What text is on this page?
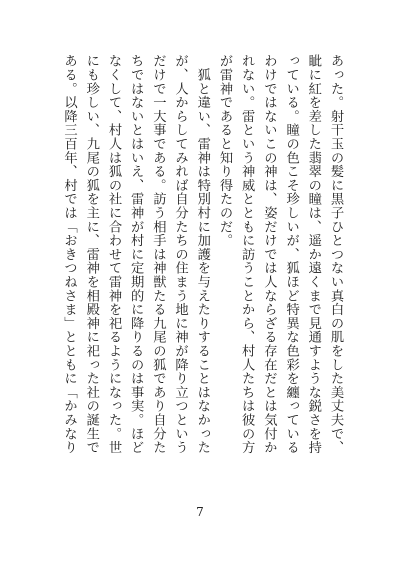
あった。射干玉の髪に黒子ひとつない真白の肌をした美丈夫で、
眦に紅を差した翡翠の瞳は、遥か遠くまで見通すような鋭さを持
っている。瞳の色こそ珍しいが、狐ほど特異な色彩を纏っている
わけではないこの神は、姿だけでは人ならざる存在だとは気付か
れない。雷という神威とともに訪うことから、村人たちは彼の方
が雷神であると知り得たのだ。
　狐と違い、雷神は特別村に加護を与えたりすることはなかった
が、人からしてみれば自分たちの住まう地に神が降り立つという
だけで一大事である。訪う相手は神獣たる九尾の狐であり自分た
ちではないとはいえ、雷神が村に定期的に降りるのは事実。ほど
なくして、村人は狐の社に合わせて雷神を祀るようになった。世
にも珍しい、九尾の狐を主に、雷神を相殿神に祀った社の誕生で
ある。以降三百年、村では「おきつねさま」とともに「かみなり
7
